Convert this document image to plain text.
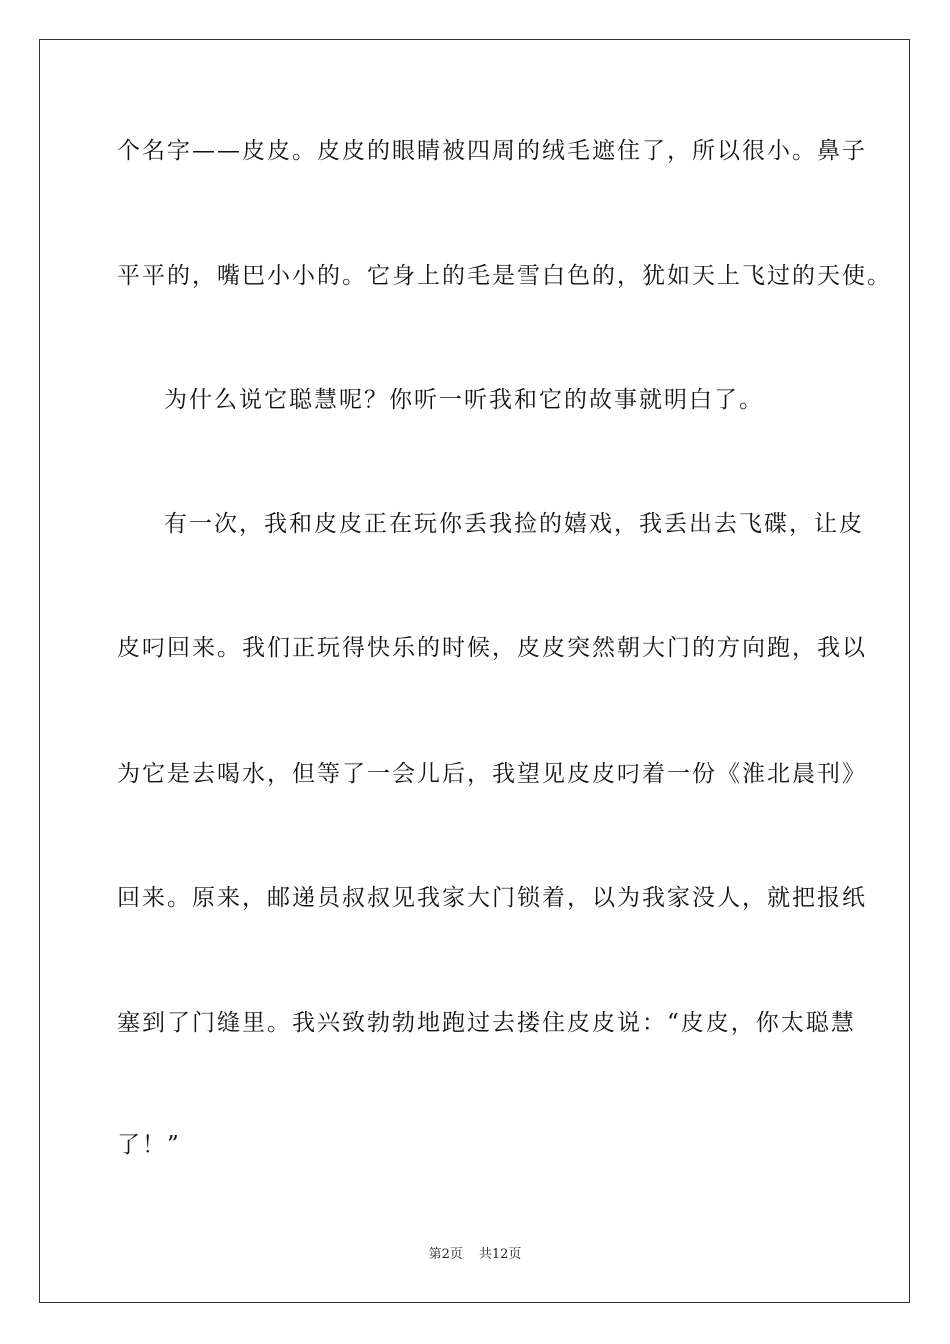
个名字——皮皮。皮皮的眼睛被四周的绒毛遮住了，所以很小。鼻子
平平的，嘴巴小小的。它身上的毛是雪白色的，犹如天上飞过的天使。
为什么说它聪慧呢？你听一听我和它的故事就明白了。
有一次，我和皮皮正在玩你丢我捡的嬉戏，我丢出去飞碟，让皮
皮叼回来。我们正玩得快乐的时候，皮皮突然朝大门的方向跑，我以
为它是去喝水，但等了一会儿后，我望见皮皮叼着一份《淮北晨刊》
回来。原来，邮递员叔叔见我家大门锁着，以为我家没人，就把报纸
塞到了门缝里。我兴致勃勃地跑过去搂住皮皮说：“皮皮，你太聪慧
了！”
第2页 共12页
